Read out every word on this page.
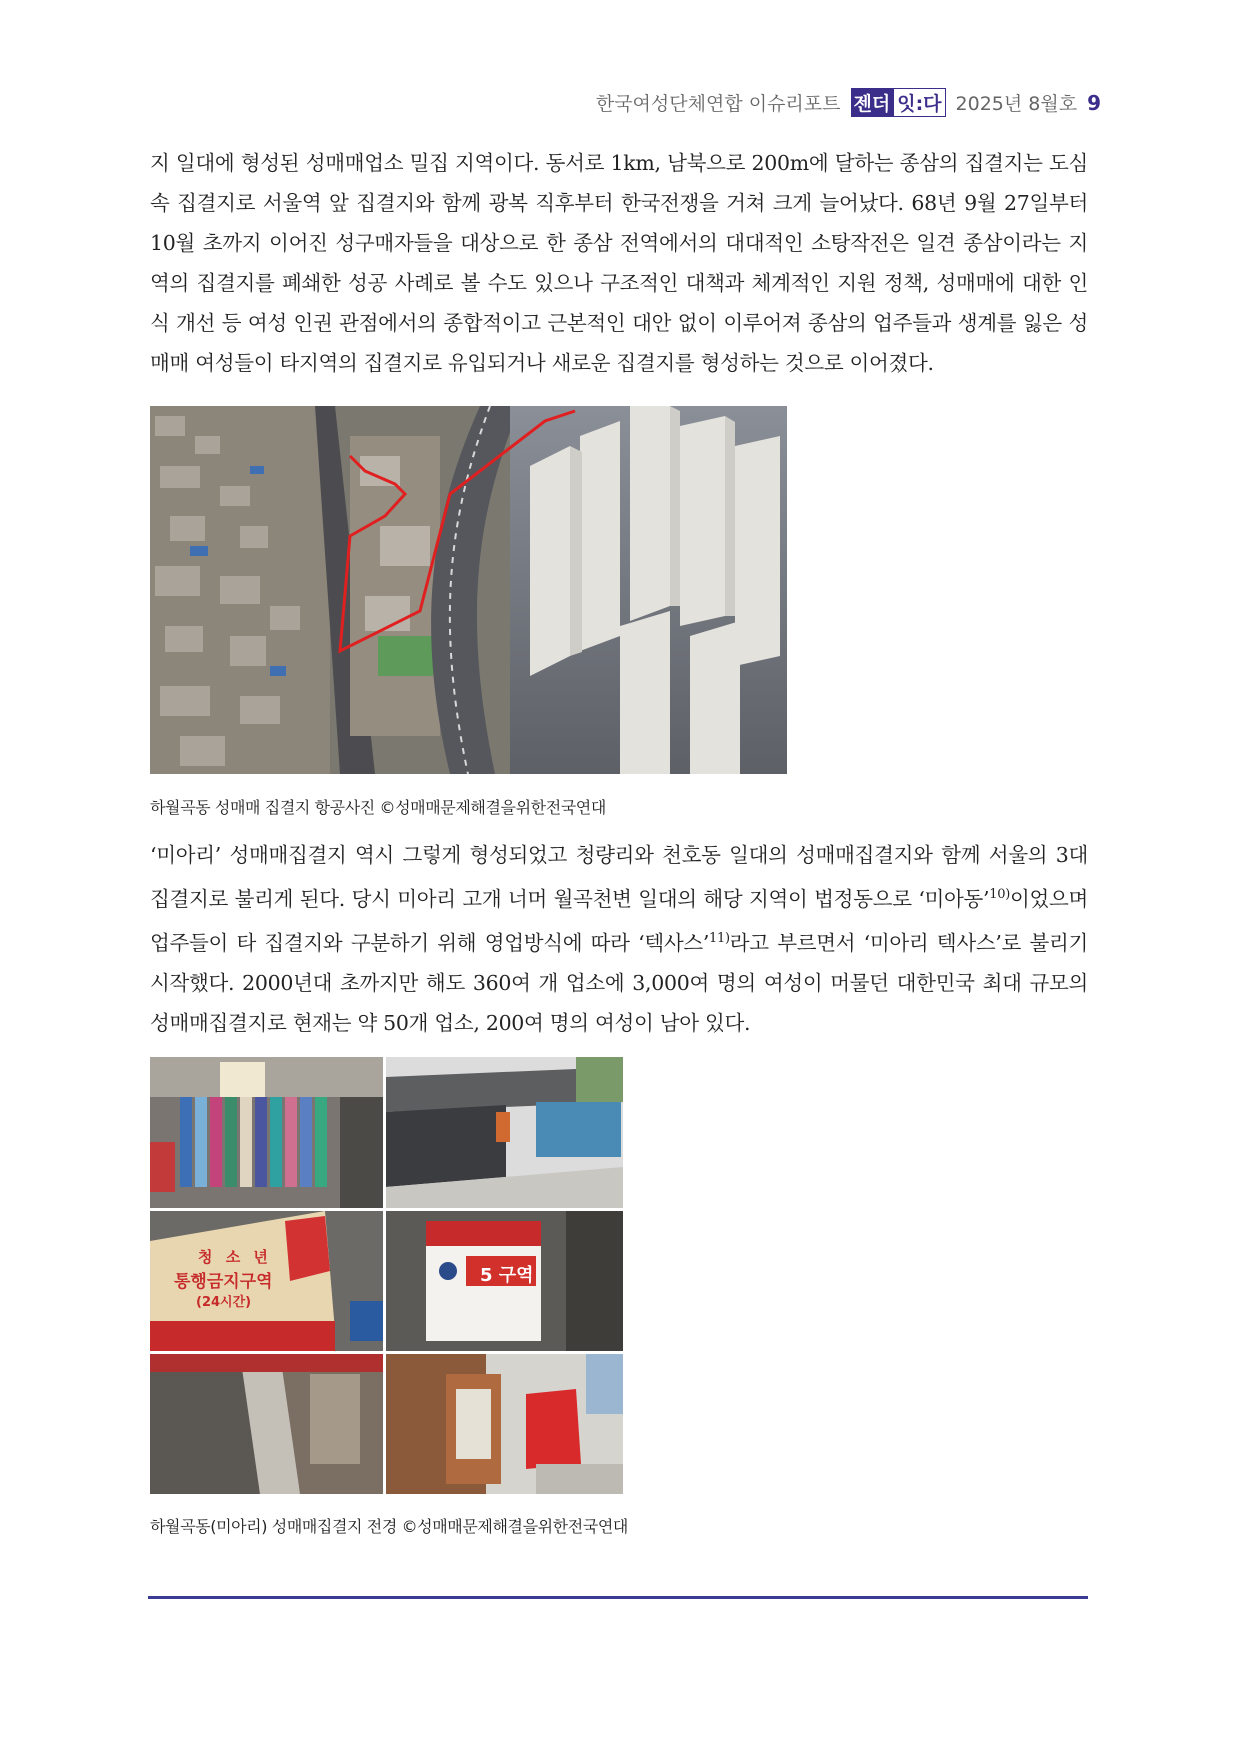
한국여성단체연합 이슈리포트 젠더 잇:다 2025년 8월호 9

지 일대에 형성된 성매매업소 밀집 지역이다. 동서로 1km, 남북으로 200m에 달하는 종삼의 집결지는 도심 속 집결지로 서울역 앞 집결지와 함께 광복 직후부터 한국전쟁을 거쳐 크게 늘어났다. 68년 9월 27일부터 10월 초까지 이어진 성구매자들을 대상으로 한 종삼 전역에서의 대대적인 소탕작전은 일견 종삼이라는 지역의 집결지를 폐쇄한 성공 사례로 볼 수도 있으나 구조적인 대책과 체계적인 지원 정책, 성매매에 대한 인식 개선 등 여성 인권 관점에서의 종합적이고 근본적인 대안 없이 이루어져 종삼의 업주들과 생계를 잃은 성매매 여성들이 타지역의 집결지로 유입되거나 새로운 집결지를 형성하는 것으로 이어졌다.

하월곡동 성매매 집결지 항공사진 ©성매매문제해결을위한전국연대

‘미아리’ 성매매집결지 역시 그렇게 형성되었고 청량리와 천호동 일대의 성매매집결지와 함께 서울의 3대 집결지로 불리게 된다. 당시 미아리 고개 너머 월곡천변 일대의 해당 지역이 법정동으로 ‘미아동’$^{10)}$이었으며 업주들이 타 집결지와 구분하기 위해 영업방식에 따라 ‘텍사스’$^{11)}$라고 부르면서 ‘미아리 텍사스’로 불리기 시작했다. 2000년대 초까지만 해도 360여 개 업소에 3,000여 명의 여성이 머물던 대한민국 최대 규모의 성매매집결지로 현재는 약 50개 업소, 200여 명의 여성이 남아 있다.

청 소 년
통행금지구역
(24시간)
5 구역
하월곡동(미아리) 성매매집결지 전경 ©성매매문제해결을위한전국연대
